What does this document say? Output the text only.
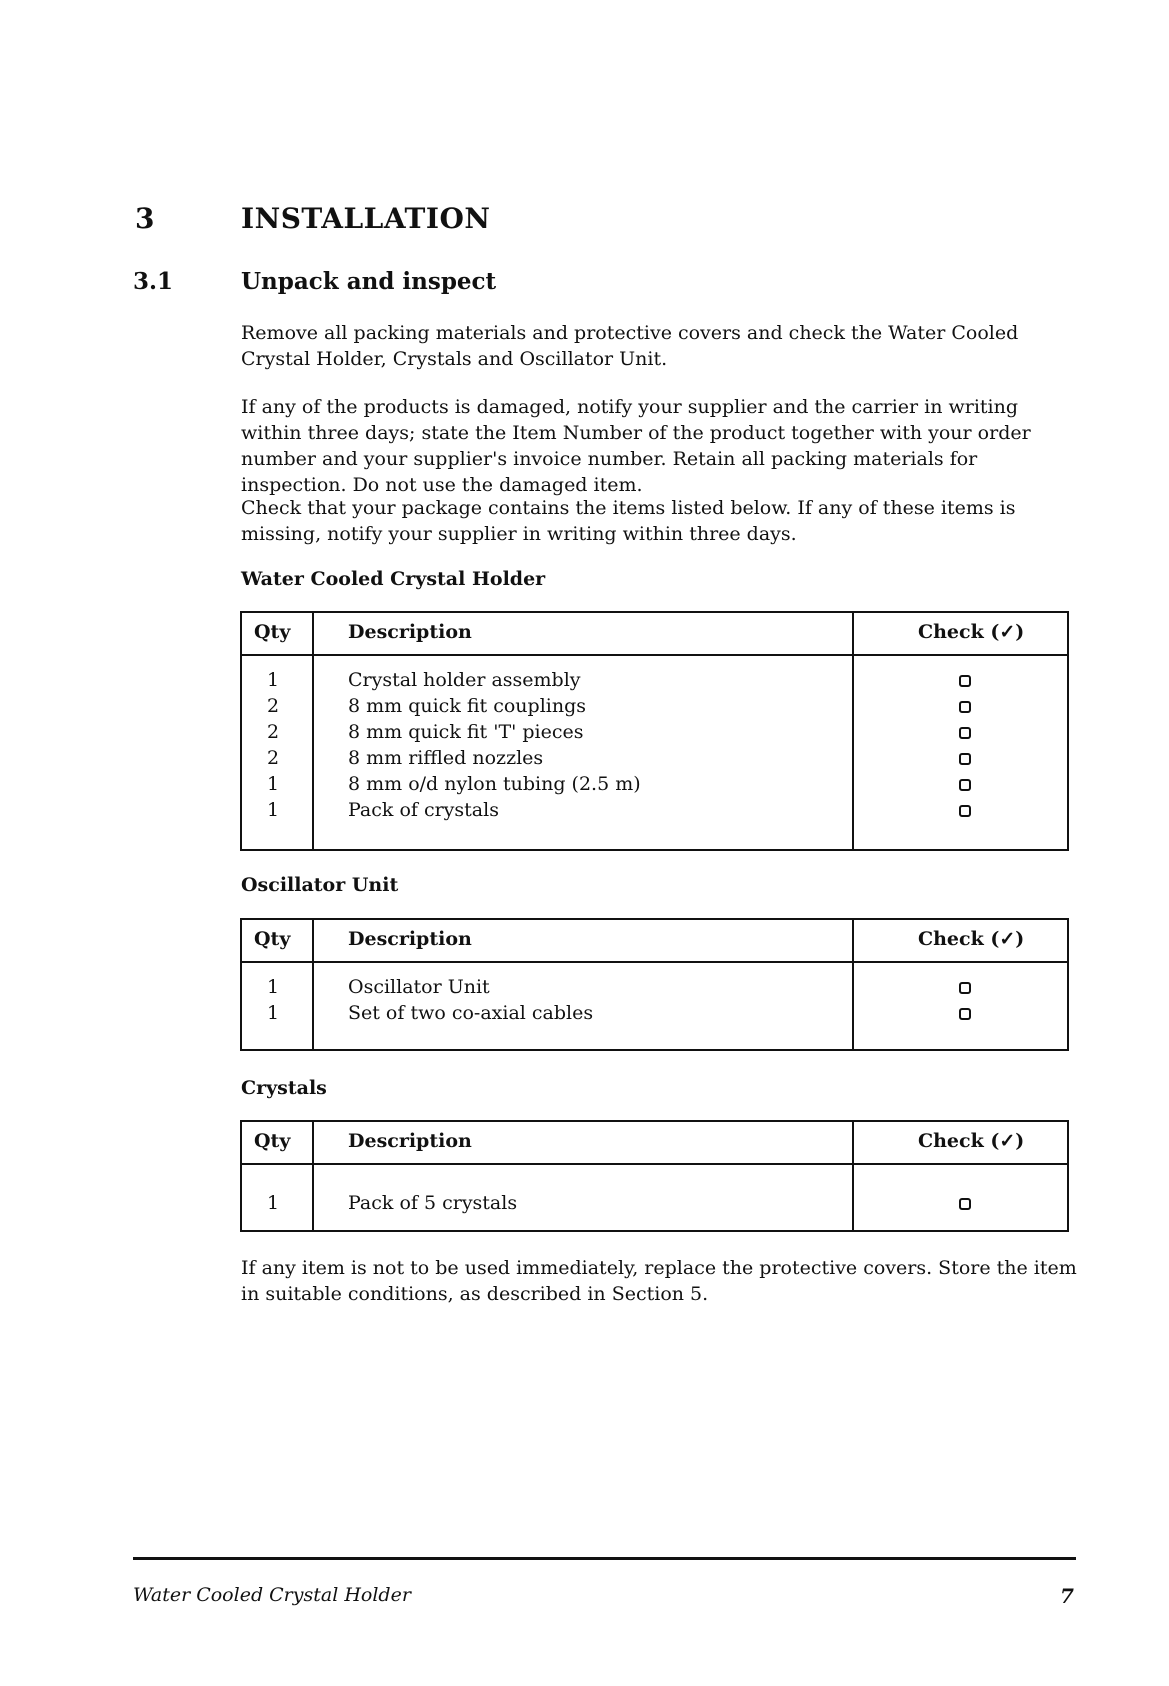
3	INSTALLATION
3.1	Unpack and inspect
Remove all packing materials and protective covers and check the Water Cooled Crystal Holder, Crystals and Oscillator Unit.
If any of the products is damaged, notify your supplier and the carrier in writing within three days; state the Item Number of the product together with your order number and your supplier's invoice number. Retain all packing materials for inspection. Do not use the damaged item.
Check that your package contains the items listed below. If any of these items is missing, notify your supplier in writing within three days.
Water Cooled Crystal Holder
Qty	Description	Check (✓)
1	Crystal holder assembly
2	8 mm quick fit couplings
2	8 mm quick fit 'T' pieces
2	8 mm riffled nozzles
1	8 mm o/d nylon tubing (2.5 m)
1	Pack of crystals
Oscillator Unit
Qty	Description	Check (✓)
1	Oscillator Unit
1	Set of two co-axial cables
Crystals
Qty	Description	Check (✓)
1	Pack of 5 crystals
If any item is not to be used immediately, replace the protective covers. Store the item in suitable conditions, as described in Section 5.
Water Cooled Crystal Holder	7
